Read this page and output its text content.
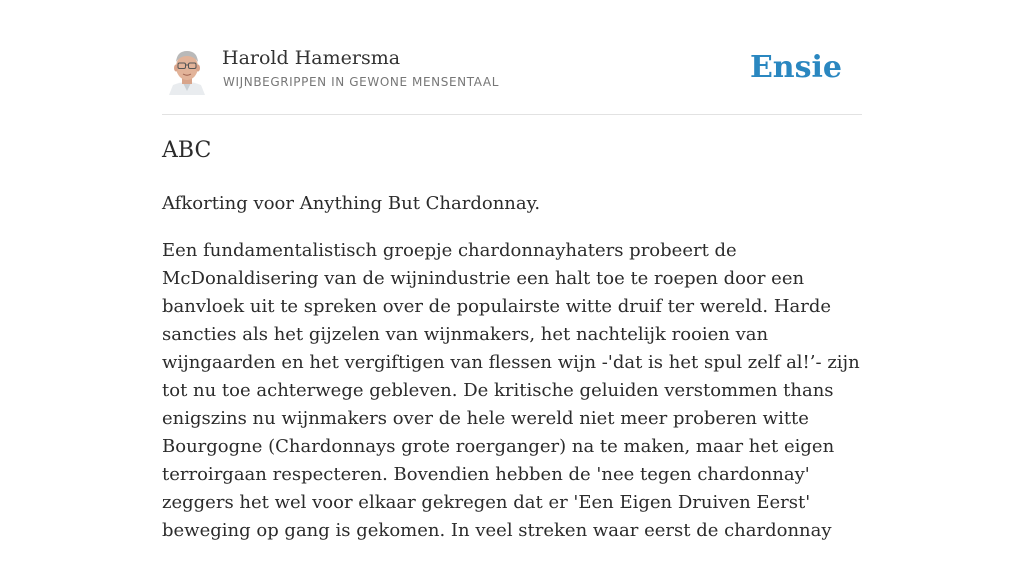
Harold Hamersma
WIJNBEGRIPPEN IN GEWONE MENSENTAAL	Ensie
ABC

Afkorting voor Anything But Chardonnay.

Een fundamentalistisch groepje chardonnayhaters probeert de McDonaldisering van de wijnindustrie een halt toe te roepen door een banvloek uit te spreken over de populairste witte druif ter wereld. Harde sancties als het gijzelen van wijnmakers, het nachtelijk rooien van wijngaarden en het vergiftigen van flessen wijn -'dat is het spul zelf al!’- zijn tot nu toe achterwege gebleven. De kritische geluiden verstommen thans enigszins nu wijnmakers over de hele wereld niet meer proberen witte Bourgogne (Chardonnays grote roerganger) na te maken, maar het eigen terroirgaan respecteren. Bovendien hebben de 'nee tegen chardonnay' zeggers het wel voor elkaar gekregen dat er 'Een Eigen Druiven Eerst' beweging op gang is gekomen. In veel streken waar eerst de chardonnay
